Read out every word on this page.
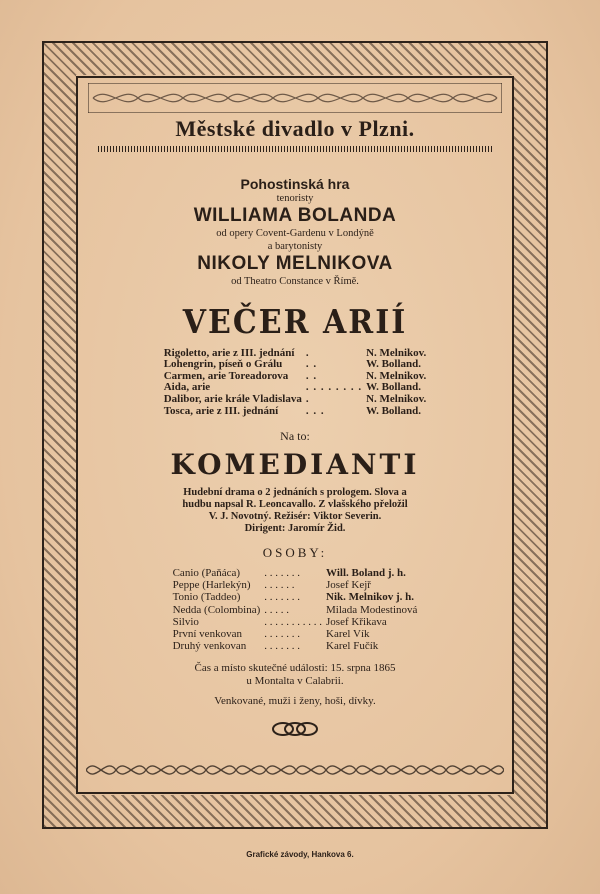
Městské divadlo v Plzni.
Pohostinská hra
tenoristy
WILLIAMA BOLANDA
od opery Covent-Gardenu v Londýně
a barytonisty
NIKOLY MELNIKOVA
od Theatro Constance v Římě.
VEČER ARIÍ
Rigoletto, arie z III. jednání	.	N. Melnikov.
Lohengrin, píseň o Grálu	. .	W. Bolland.
Carmen, arie Toreadorova	. .	N. Melnikov.
Aida, arie	. . . . . . . .	W. Bolland.
Dalibor, arie krále Vladislava	.	N. Melnikov.
Tosca, arie z III. jednání	. . .	W. Bolland.
Na to:
KOMEDIANTI
Hudební drama o 2 jednáních s prologem. Slova a
hudbu napsal R. Leoncavallo. Z vlašského přeložil
V. J. Novotný. Režisér: Viktor Severin.
Dirigent: Jaromír Žid.
OSOBY:
Canio (Paňáca)	. . . . . . .	Will. Boland j. h.
Peppe (Harlekýn)	. . . . . .	Josef Kejř
Tonio (Taddeo)	. . . . . . .	Nik. Melnikov j. h.
Nedda (Colombina)	. . . . .	Milada Modestinová
Silvio	. . . . . . . . . . .	Josef Křikava
První venkovan	. . . . . . .	Karel Vík
Druhý venkovan	. . . . . . .	Karel Fučík
Čas a místo skutečné události: 15. srpna 1865
u Montalta v Calabrii.
Venkované, muži i ženy, hoši, dívky.
Grafické závody, Hankova 6.
